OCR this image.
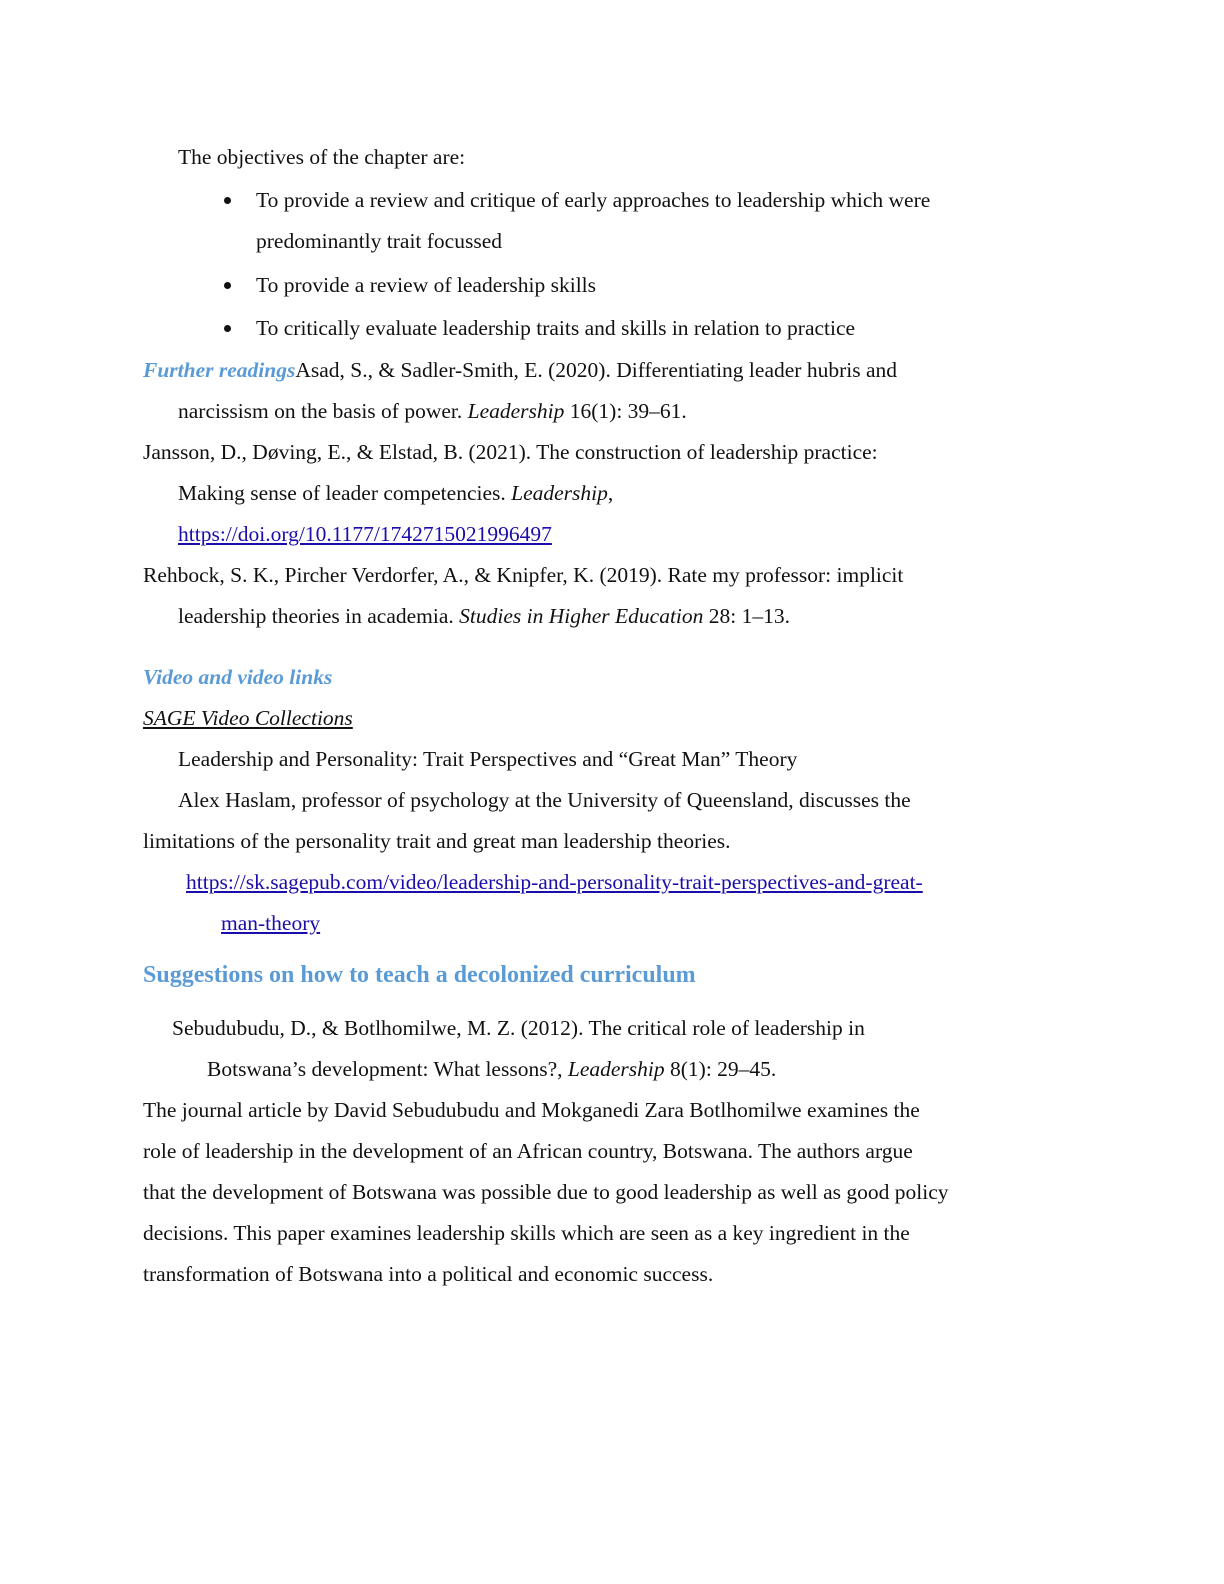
The objectives of the chapter are:
To provide a review and critique of early approaches to leadership which were
predominantly trait focussed
To provide a review of leadership skills
To critically evaluate leadership traits and skills in relation to practice
Further readingsAsad, S., & Sadler-Smith, E. (2020). Differentiating leader hubris and
narcissism on the basis of power. Leadership 16(1): 39–61.
Jansson, D., Døving, E., & Elstad, B. (2021). The construction of leadership practice:
Making sense of leader competencies. Leadership,
https://doi.org/10.1177/1742715021996497
Rehbock, S. K., Pircher Verdorfer, A., & Knipfer, K. (2019). Rate my professor: implicit
leadership theories in academia. Studies in Higher Education 28: 1–13.
Video and video links
SAGE Video Collections
Leadership and Personality: Trait Perspectives and “Great Man” Theory
Alex Haslam, professor of psychology at the University of Queensland, discusses the
limitations of the personality trait and great man leadership theories.
https://sk.sagepub.com/video/leadership-and-personality-trait-perspectives-and-great-
man-theory
Suggestions on how to teach a decolonized curriculum
Sebudubudu, D., & Botlhomilwe, M. Z. (2012). The critical role of leadership in
Botswana’s development: What lessons?, Leadership 8(1): 29–45.
The journal article by David Sebudubudu and Mokganedi Zara Botlhomilwe examines the
role of leadership in the development of an African country, Botswana. The authors argue
that the development of Botswana was possible due to good leadership as well as good policy
decisions. This paper examines leadership skills which are seen as a key ingredient in the
transformation of Botswana into a political and economic success.
